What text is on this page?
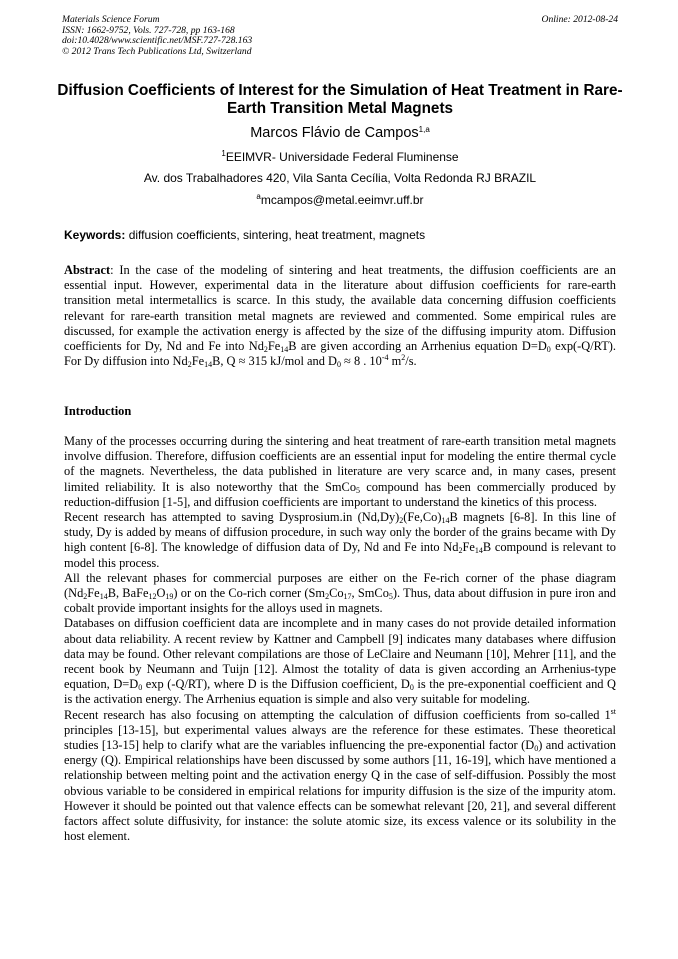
Materials Science Forum
ISSN: 1662-9752, Vols. 727-728, pp 163-168
doi:10.4028/www.scientific.net/MSF.727-728.163
© 2012 Trans Tech Publications Ltd, Switzerland
Online: 2012-08-24
Diffusion Coefficients of Interest for the Simulation of Heat Treatment in Rare-Earth Transition Metal Magnets
Marcos Flávio de Campos$^{1,a}$
$^1$EEIMVR- Universidade Federal Fluminense
Av. dos Trabalhadores 420, Vila Santa Cecília, Volta Redonda RJ BRAZIL
$^a$mcampos@metal.eeimvr.uff.br
Keywords: diffusion coefficients, sintering, heat treatment, magnets
Abstract: In the case of the modeling of sintering and heat treatments, the diffusion coefficients are an essential input. However, experimental data in the literature about diffusion coefficients for rare-earth transition metal intermetallics is scarce. In this study, the available data concerning diffusion coefficients relevant for rare-earth transition metal magnets are reviewed and commented. Some empirical rules are discussed, for example the activation energy is affected by the size of the diffusing impurity atom. Diffusion coefficients for Dy, Nd and Fe into $Nd_2Fe_{14}B$ are given according an Arrhenius equation $D=D_0$ exp(-Q/RT). For Dy diffusion into $Nd_2Fe_{14}B$, Q ≈ 315 kJ/mol and $D_0 \approx 8$ . $10^{-4}$ $m^2/s$.
Introduction

Many of the processes occurring during the sintering and heat treatment of rare-earth transition metal magnets involve diffusion. Therefore, diffusion coefficients are an essential input for modeling the entire thermal cycle of the magnets. Nevertheless, the data published in literature are very scarce and, in many cases, present limited reliability. It is also noteworthy that the SmCo$_5$ compound has been commercially produced by reduction-diffusion [1-5], and diffusion coefficients are important to understand the kinetics of this process.

Recent research has attempted to saving Dysprosium.in $(Nd,Dy)_2(Fe,Co)_{14}B$ magnets [6-8]. In this line of study, Dy is added by means of diffusion procedure, in such way only the border of the grains became with Dy high content [6-8]. The knowledge of diffusion data of Dy, Nd and Fe into $Nd_2Fe_{14}B$ compound is relevant to model this process.

All the relevant phases for commercial purposes are either on the Fe-rich corner of the phase diagram ($Nd_2Fe_{14}B$, $BaFe_{12}O_{19}$) or on the Co-rich corner ($Sm_2Co_{17}$, SmCo$_5$). Thus, data about diffusion in pure iron and cobalt provide important insights for the alloys used in magnets.

Databases on diffusion coefficient data are incomplete and in many cases do not provide detailed information about data reliability. A recent review by Kattner and Campbell [9] indicates many databases where diffusion data may be found. Other relevant compilations are those of LeClaire and Neumann [10], Mehrer [11], and the recent book by Neumann and Tuijn [12]. Almost the totality of data is given according an Arrhenius-type equation, $D=D_0$ exp (-Q/RT), where D is the Diffusion coefficient, $D_0$ is the pre-exponential coefficient and Q is the activation energy. The Arrhenius equation is simple and also very suitable for modeling.

Recent research has also focusing on attempting the calculation of diffusion coefficients from so-called 1st principles [13-15], but experimental values always are the reference for these estimates. These theoretical studies [13-15] help to clarify what are the variables influencing the pre-exponential factor $(D_0)$ and activation energy (Q). Empirical relationships have been discussed by some authors [11, 16-19], which have mentioned a relationship between melting point and the activation energy Q in the case of self-diffusion. Possibly the most obvious variable to be considered in empirical relations for impurity diffusion is the size of the impurity atom. However it should be pointed out that valence effects can be somewhat relevant [20, 21], and several different factors affect solute diffusivity, for instance: the solute atomic size, its excess valence or its solubility in the host element.
